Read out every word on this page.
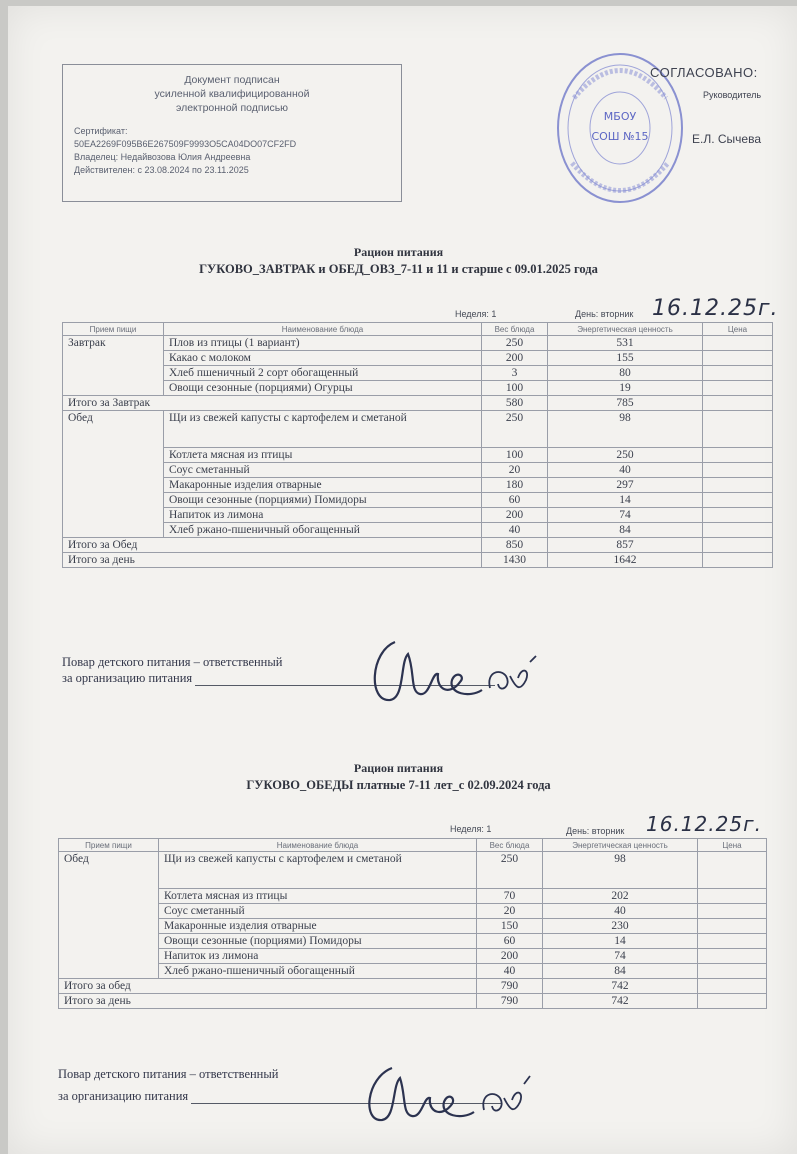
Документ подписан
усиленной квалифицированной
электронной подписью
Сертификат:
50EA2269F095B6E267509F9993O5CA04DO07CF2FD
Владелец: Недайвозова Юлия Андреевна
Действителен: с 23.08.2024 по 23.11.2025
МБОУ
СОШ №15
СОГЛАСОВАНО:
Руководитель
Е.Л. Сычева
Рацион питания
ГУКОВО_ЗАВТРАК и ОБЕД_ОВЗ_7-11 и 11 и старше с 09.01.2025 года
Неделя: 1	День: вторник 16.12.25г.
Прием пищи	Наименование блюда	Вес блюда	Энергетическая ценность	Цена
Завтрак	Плов из птицы (1 вариант)	250	531	
	Какао с молоком	200	155	
	Хлеб пшеничный 2 сорт обогащенный	3	80	
	Овощи сезонные (порциями) Огурцы	100	19	
Итого за Завтрак		580	785	
Обед	Щи из свежей капусты с картофелем и сметаной	250	98	
	Котлета мясная из птицы	100	250	
	Соус сметанный	20	40	
	Макаронные изделия отварные	180	297	
	Овощи сезонные (порциями) Помидоры	60	14	
	Напиток из лимона	200	74	
	Хлеб ржано-пшеничный обогащенный	40	84	
Итого за Обед		850	857	
Итого за день		1430	1642	
Повар детского питания – ответственный
за организацию питания
Рацион питания
ГУКОВО_ОБЕДЫ платные 7-11 лет_с 02.09.2024 года
Неделя: 1	День: вторник 16.12.25г.
Прием пищи	Наименование блюда	Вес блюда	Энергетическая ценность	Цена
Обед	Щи из свежей капусты с картофелем и сметаной	250	98	
	Котлета мясная из птицы	70	202	
	Соус сметанный	20	40	
	Макаронные изделия отварные	150	230	
	Овощи сезонные (порциями) Помидоры	60	14	
	Напиток из лимона	200	74	
	Хлеб ржано-пшеничный обогащенный	40	84	
Итого за обед		790	742	
Итого за день		790	742	
Повар детского питания – ответственный
за организацию питания
